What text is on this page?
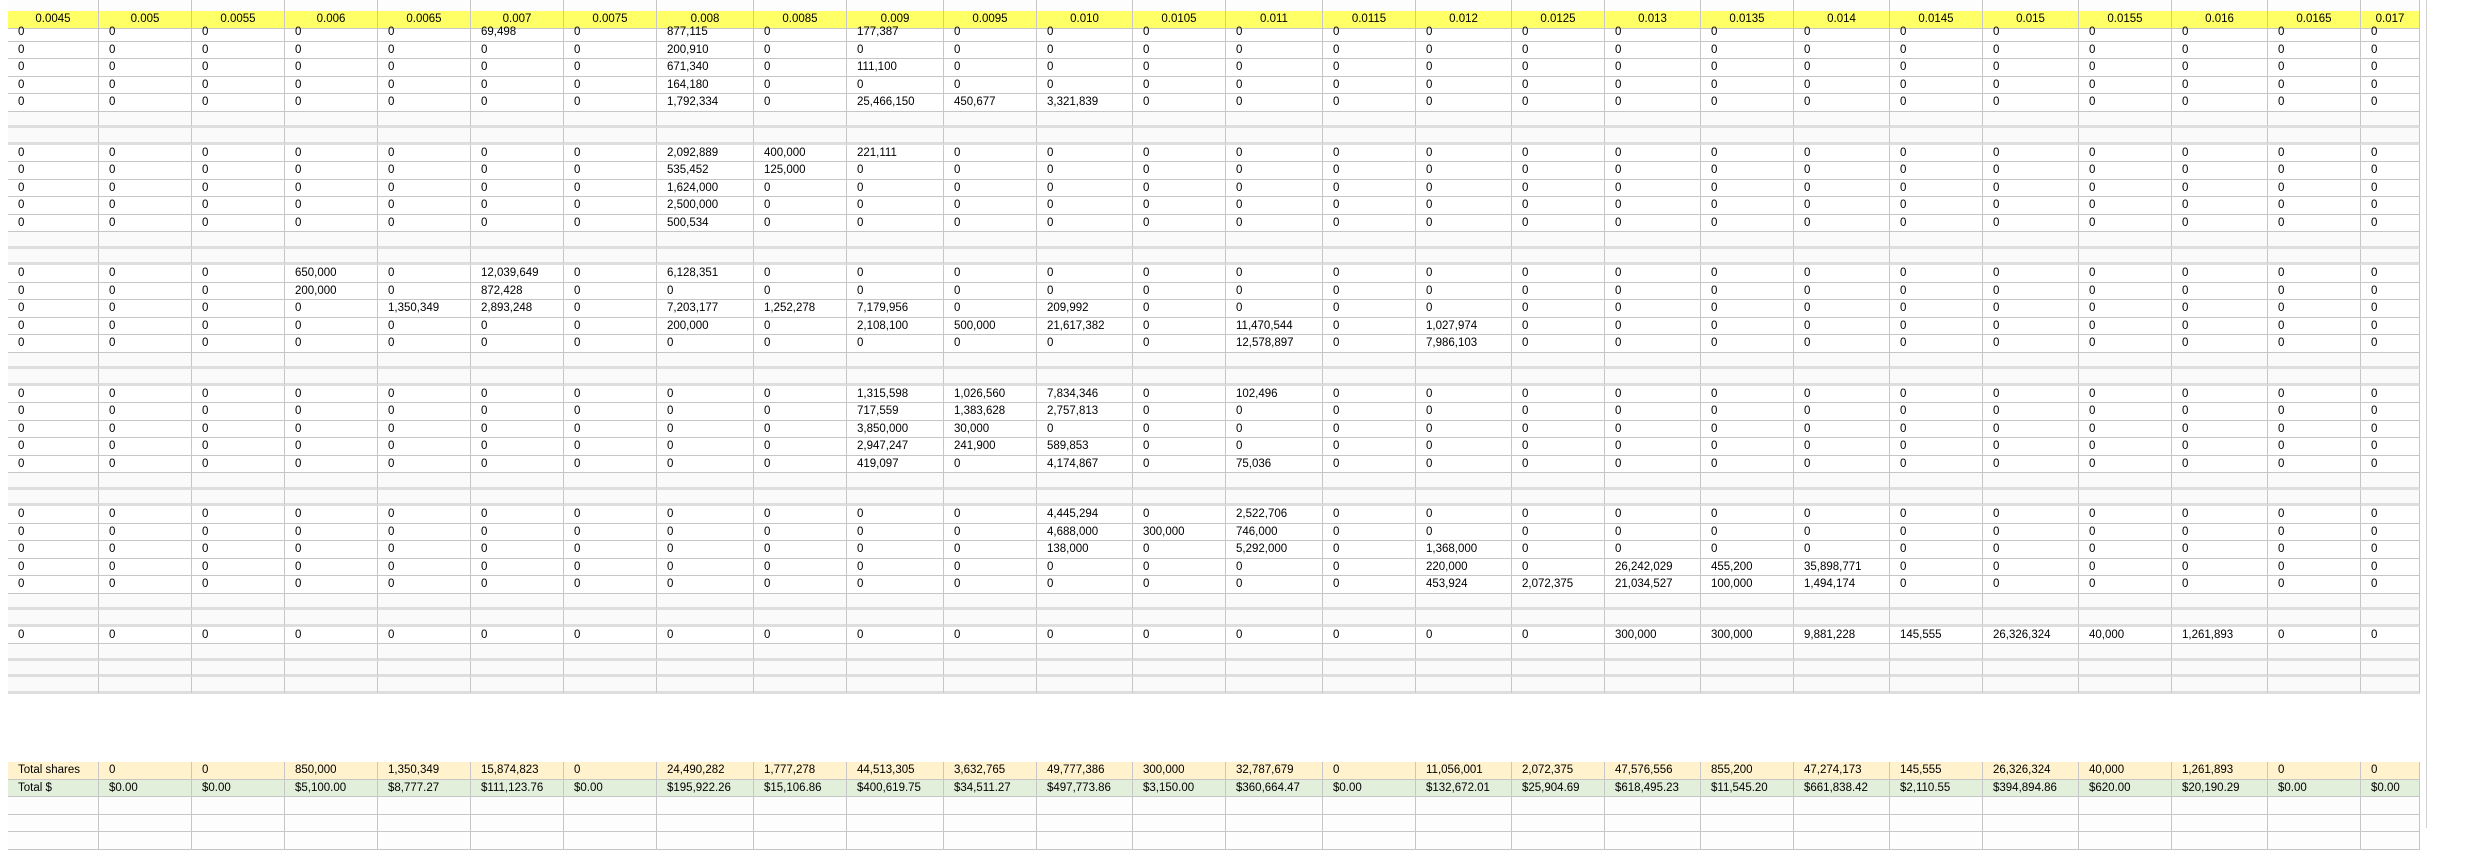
0.0045	0.005	0.0055	0.006	0.0065	0.007	0.0075	0.008	0.0085	0.009	0.0095	0.010	0.0105	0.011	0.0115	0.012	0.0125	0.013	0.0135	0.014	0.0145	0.015	0.0155	0.016	0.0165	0.017
0	0	0	0	0	69,498	0	877,115	0	177,387	0	0	0	0	0	0	0	0	0	0	0	0	0	0	0	0
0	0	0	0	0	0	0	200,910	0	0	0	0	0	0	0	0	0	0	0	0	0	0	0	0	0	0
0	0	0	0	0	0	0	671,340	0	111,100	0	0	0	0	0	0	0	0	0	0	0	0	0	0	0	0
0	0	0	0	0	0	0	164,180	0	0	0	0	0	0	0	0	0	0	0	0	0	0	0	0	0	0
0	0	0	0	0	0	0	1,792,334	0	25,466,150	450,677	3,321,839	0	0	0	0	0	0	0	0	0	0	0	0	0	0
0	0	0	0	0	0	0	2,092,889	400,000	221,111	0	0	0	0	0	0	0	0	0	0	0	0	0	0	0	0
0	0	0	0	0	0	0	535,452	125,000	0	0	0	0	0	0	0	0	0	0	0	0	0	0	0	0	0
0	0	0	0	0	0	0	1,624,000	0	0	0	0	0	0	0	0	0	0	0	0	0	0	0	0	0	0
0	0	0	0	0	0	0	2,500,000	0	0	0	0	0	0	0	0	0	0	0	0	0	0	0	0	0	0
0	0	0	0	0	0	0	500,534	0	0	0	0	0	0	0	0	0	0	0	0	0	0	0	0	0	0
0	0	0	650,000	0	12,039,649	0	6,128,351	0	0	0	0	0	0	0	0	0	0	0	0	0	0	0	0	0	0
0	0	0	200,000	0	872,428	0	0	0	0	0	0	0	0	0	0	0	0	0	0	0	0	0	0	0	0
0	0	0	0	1,350,349	2,893,248	0	7,203,177	1,252,278	7,179,956	0	209,992	0	0	0	0	0	0	0	0	0	0	0	0	0	0
0	0	0	0	0	0	0	200,000	0	2,108,100	500,000	21,617,382	0	11,470,544	0	1,027,974	0	0	0	0	0	0	0	0	0	0
0	0	0	0	0	0	0	0	0	0	0	0	0	12,578,897	0	7,986,103	0	0	0	0	0	0	0	0	0	0
0	0	0	0	0	0	0	0	0	1,315,598	1,026,560	7,834,346	0	102,496	0	0	0	0	0	0	0	0	0	0	0	0
0	0	0	0	0	0	0	0	0	717,559	1,383,628	2,757,813	0	0	0	0	0	0	0	0	0	0	0	0	0	0
0	0	0	0	0	0	0	0	0	3,850,000	30,000	0	0	0	0	0	0	0	0	0	0	0	0	0	0	0
0	0	0	0	0	0	0	0	0	2,947,247	241,900	589,853	0	0	0	0	0	0	0	0	0	0	0	0	0	0
0	0	0	0	0	0	0	0	0	419,097	0	4,174,867	0	75,036	0	0	0	0	0	0	0	0	0	0	0	0
0	0	0	0	0	0	0	0	0	0	0	4,445,294	0	2,522,706	0	0	0	0	0	0	0	0	0	0	0	0
0	0	0	0	0	0	0	0	0	0	0	4,688,000	300,000	746,000	0	0	0	0	0	0	0	0	0	0	0	0
0	0	0	0	0	0	0	0	0	0	0	138,000	0	5,292,000	0	1,368,000	0	0	0	0	0	0	0	0	0	0
0	0	0	0	0	0	0	0	0	0	0	0	0	0	0	220,000	0	26,242,029	455,200	35,898,771	0	0	0	0	0	0
0	0	0	0	0	0	0	0	0	0	0	0	0	0	0	453,924	2,072,375	21,034,527	100,000	1,494,174	0	0	0	0	0	0
0	0	0	0	0	0	0	0	0	0	0	0	0	0	0	0	0	300,000	300,000	9,881,228	145,555	26,326,324	40,000	1,261,893	0	0
Total shares	0	0	850,000	1,350,349	15,874,823	0	24,490,282	1,777,278	44,513,305	3,632,765	49,777,386	300,000	32,787,679	0	11,056,001	2,072,375	47,576,556	855,200	47,274,173	145,555	26,326,324	40,000	1,261,893	0	0
Total $	$0.00	$0.00	$5,100.00	$8,777.27	$111,123.76	$0.00	$195,922.26	$15,106.86	$400,619.75	$34,511.27	$497,773.86	$3,150.00	$360,664.47	$0.00	$132,672.01	$25,904.69	$618,495.23	$11,545.20	$661,838.42	$2,110.55	$394,894.86	$620.00	$20,190.29	$0.00	$0.00
